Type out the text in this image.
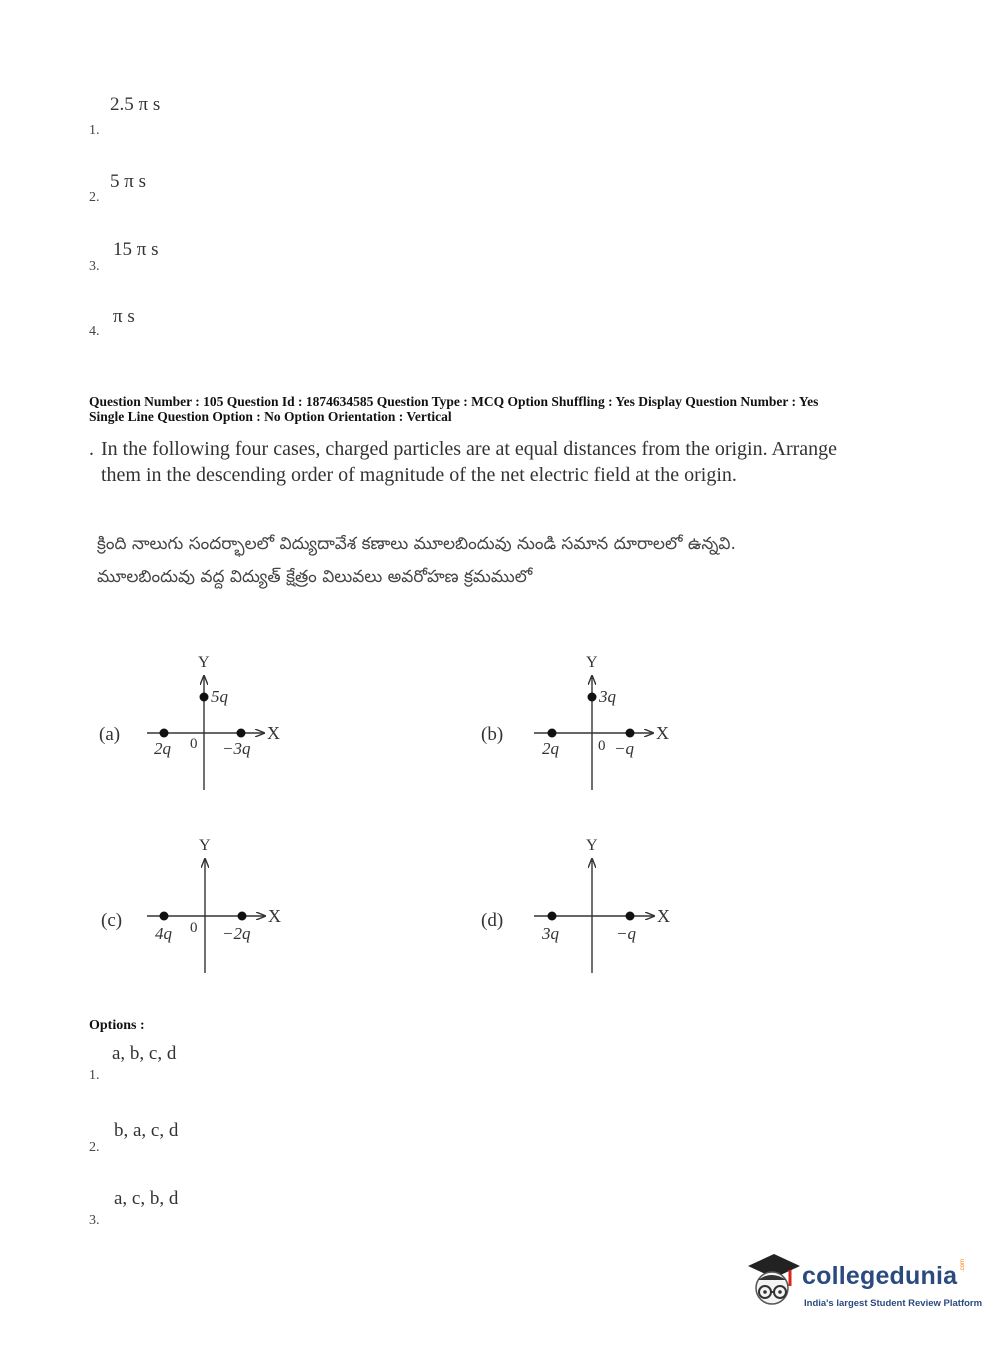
2.5 π s
1.
5 π s
2.
15 π s
3.
π s
4.
Question Number : 105 Question Id : 1874634585 Question Type : MCQ Option Shuffling : Yes Display Question Number : Yes
Single Line Question Option : No Option Orientation : Vertical
. In the following four cases, charged particles are at equal distances from the origin. Arrange
them in the descending order of magnitude of the net electric field at the origin.
క్రింది నాలుగు సందర్భాలలో విద్యుదావేశ కణాలు మూలబిందువు నుండి సమాన దూరాలలో ఉన్నవి.
మూలబిందువు వద్ద విద్యుత్ క్షేత్రం విలువలు అవరోహణ క్రమములో
(a)
Y
X
0
5q
2q	−3q
(b)
Y
X
0
3q
2q	−q
(c)
Y
X
0
4q	−2q
(d)
Y
X
3q	−q
Options :
a, b, c, d
1.
b, a, c, d
2.
a, c, b, d
3.
collegedunia .com
India's largest Student Review Platform
